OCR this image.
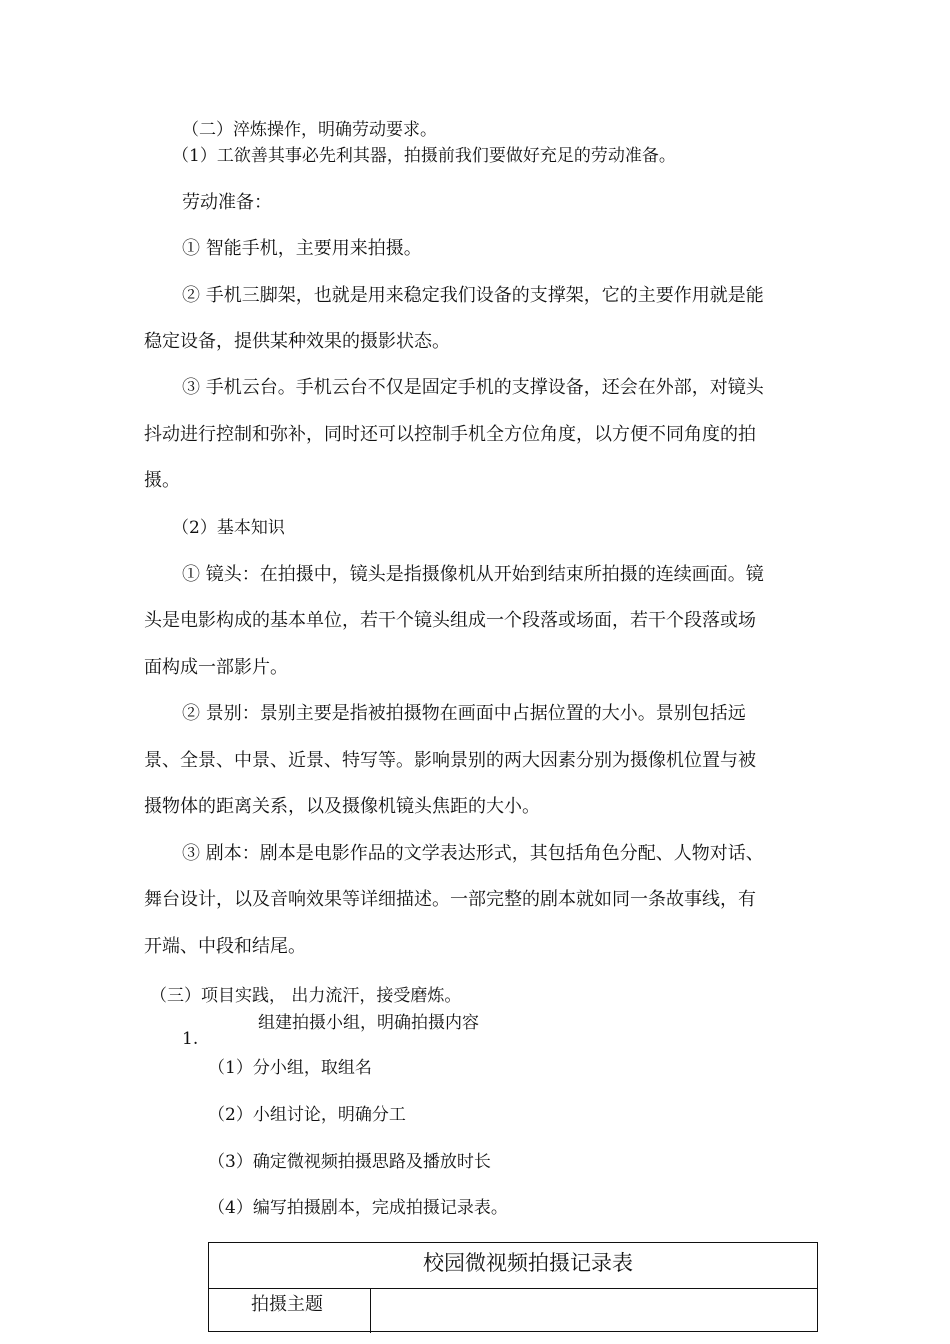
（二）淬炼操作，明确劳动要求。
（1）工欲善其事必先利其器，拍摄前我们要做好充足的劳动准备。
劳动准备：
① 智能手机，主要用来拍摄。
② 手机三脚架，也就是用来稳定我们设备的支撑架，它的主要作用就是能
稳定设备，提供某种效果的摄影状态。
③ 手机云台。手机云台不仅是固定手机的支撑设备，还会在外部，对镜头
抖动进行控制和弥补，同时还可以控制手机全方位角度，以方便不同角度的拍
摄。
（2）基本知识
① 镜头：在拍摄中，镜头是指摄像机从开始到结束所拍摄的连续画面。镜
头是电影构成的基本单位，若干个镜头组成一个段落或场面，若干个段落或场
面构成一部影片。
② 景别：景别主要是指被拍摄物在画面中占据位置的大小。景别包括远
景、全景、中景、近景、特写等。影响景别的两大因素分别为摄像机位置与被
摄物体的距离关系，以及摄像机镜头焦距的大小。
③ 剧本：剧本是电影作品的文学表达形式，其包括角色分配、人物对话、
舞台设计，以及音响效果等详细描述。一部完整的剧本就如同一条故事线，有
开端、中段和结尾。
（三）项目实践， 出力流汗，接受磨炼。
组建拍摄小组，明确拍摄内容
1.
（1）分小组，取组名
（2）小组讨论，明确分工
（3）确定微视频拍摄思路及播放时长
（4）编写拍摄剧本，完成拍摄记录表。
校园微视频拍摄记录表
拍摄主题
